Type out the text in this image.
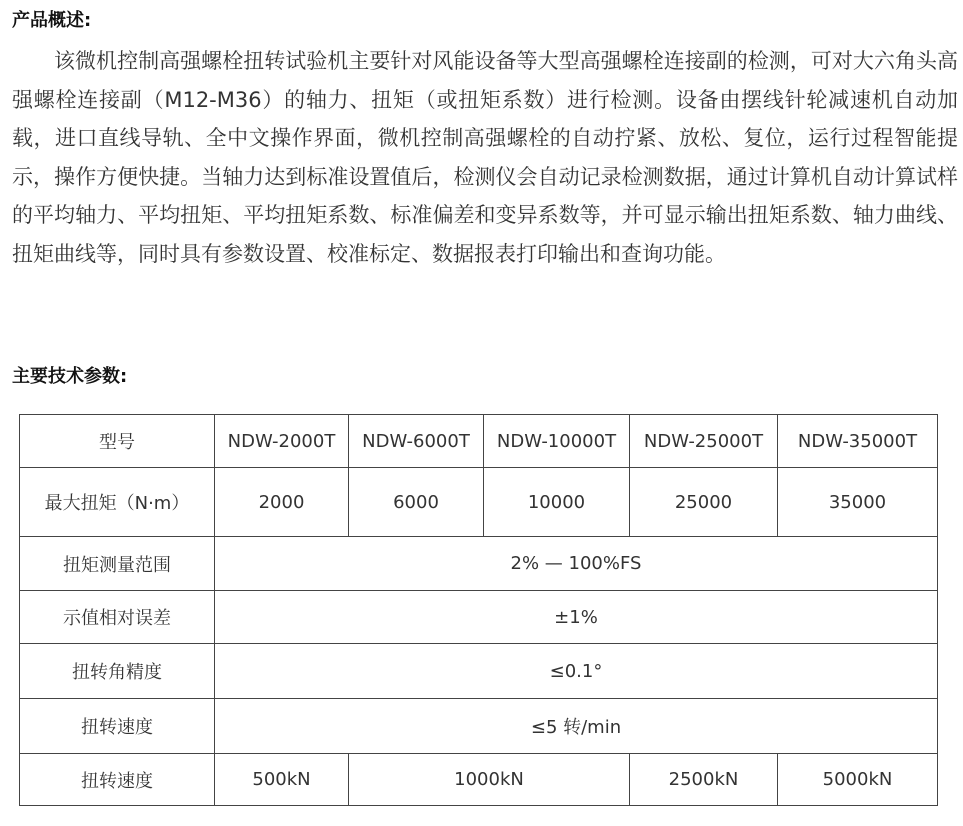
产品概述:

该微机控制高强螺栓扭转试验机主要针对风能设备等大型高强螺栓连接副的检测，可对大六角头高强螺栓连接副（M12-M36）的轴力、扭矩（或扭矩系数）进行检测。设备由摆线针轮减速机自动加载，进口直线导轨、全中文操作界面，微机控制高强螺栓的自动拧紧、放松、复位，运行过程智能提示，操作方便快捷。当轴力达到标准设置值后，检测仪会自动记录检测数据，通过计算机自动计算试样的平均轴力、平均扭矩、平均扭矩系数、标准偏差和变异系数等，并可显示输出扭矩系数、轴力曲线、扭矩曲线等，同时具有参数设置、校准标定、数据报表打印输出和查询功能。

主要技术参数:
型号	NDW-2000T	NDW-6000T	NDW-10000T	NDW-25000T	NDW-35000T
最大扭矩（N·m）	2000	6000	10000	25000	35000
扭矩测量范围	2% — 100%FS				
示值相对误差	±1%				
扭转角精度	≤0.1°				
扭转速度	≤5 转/min				
扭转速度	500kN	1000kN		2500kN	5000kN
